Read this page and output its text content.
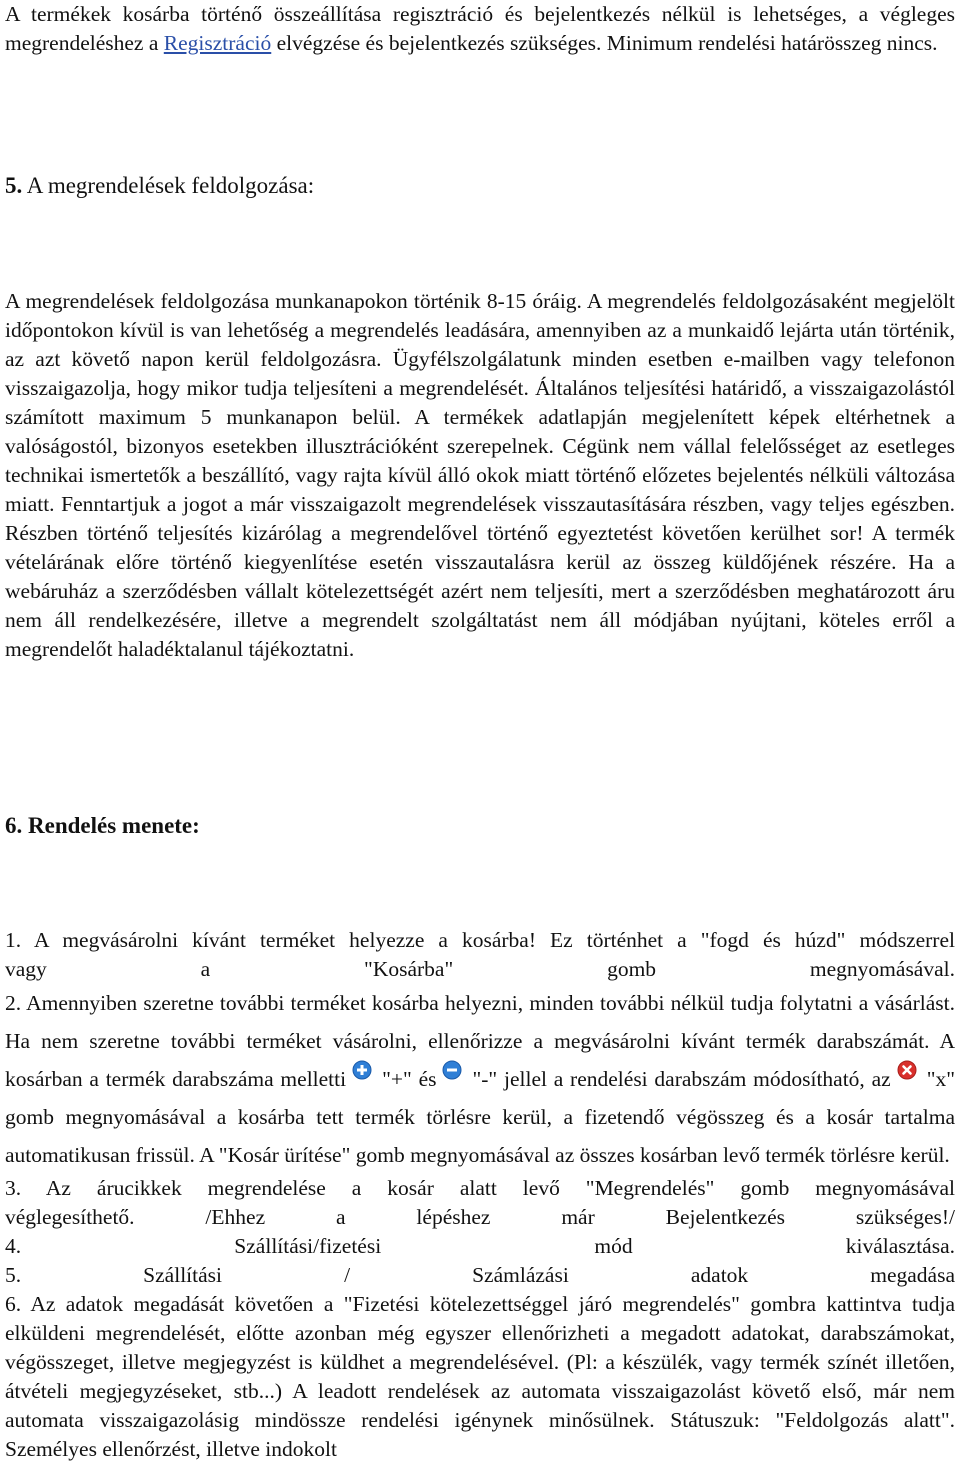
A termékek kosárba történő összeállítása regisztráció és bejelentkezés nélkül is lehetséges, a végleges megrendeléshez a Regisztráció elvégzése és bejelentkezés szükséges. Minimum rendelési határösszeg nincs.

5. A megrendelések feldolgozása:

A megrendelések feldolgozása munkanapokon történik 8-15 óráig. A megrendelés feldolgozásaként megjelölt időpontokon kívül is van lehetőség a megrendelés leadására, amennyiben az a munkaidő lejárta után történik, az azt követő napon kerül feldolgozásra. Ügyfélszolgálatunk minden esetben e-mailben vagy telefonon visszaigazolja, hogy mikor tudja teljesíteni a megrendelését. Általános teljesítési határidő, a visszaigazolástól számított maximum 5 munkanapon belül. A termékek adatlapján megjelenített képek eltérhetnek a valóságostól, bizonyos esetekben illusztrációként szerepelnek. Cégünk nem vállal felelősséget az esetleges technikai ismertetők a beszállító, vagy rajta kívül álló okok miatt történő előzetes bejelentés nélküli változása miatt. Fenntartjuk a jogot a már visszaigazolt megrendelések visszautasítására részben, vagy teljes egészben. Részben történő teljesítés kizárólag a megrendelővel történő egyeztetést követően kerülhet sor! A termék vételárának előre történő kiegyenlítése esetén visszautalásra kerül az összeg küldőjének részére. Ha a webáruház a szerződésben vállalt kötelezettségét azért nem teljesíti, mert a szerződésben meghatározott áru nem áll rendelkezésére, illetve a megrendelt szolgáltatást nem áll módjában nyújtani, köteles erről a megrendelőt haladéktalanul tájékoztatni.

6. Rendelés menete:
1. A megvásárolni kívánt terméket helyezze a kosárba! Ez történhet a "fogd és húzd" módszerrel
vagy a "Kosárba" gomb megnyomásával.

2. Amennyiben szeretne további terméket kosárba helyezni, minden további nélkül tudja folytatni a vásárlást. Ha nem szeretne további terméket vásárolni, ellenőrizze a megvásárolni kívánt termék darabszámát. A kosárban a termék darabszáma melletti "+" és "-" jellel a rendelési darabszám módosítható, az "x" gomb megnyomásával a kosárba tett termék törlésre kerül, a fizetendő végösszeg és a kosár tartalma automatikusan frissül. A "Kosár ürítése" gomb megnyomásával az összes kosárban levő termék törlésre kerül.

3. Az árucikkek megrendelése a kosár alatt levő "Megrendelés" gomb megnyomásával
véglegesíthető. /Ehhez a lépéshez már Bejelentkezés szükséges!/
4. Szállítási/fizetési mód kiválasztása.
5. Szállítási / Számlázási adatok megadása

6. Az adatok megadását követően a "Fizetési kötelezettséggel járó megrendelés" gombra kattintva tudja elküldeni megrendelését, előtte azonban még egyszer ellenőrizheti a megadott adatokat, darabszámokat, végösszeget, illetve megjegyzést is küldhet a megrendelésével. (Pl: a készülék, vagy termék színét illetően, átvételi megjegyzéseket, stb...) A leadott rendelések az automata visszaigazolást követő első, már nem automata visszaigazolásig mindössze rendelési igénynek minősülnek. Státuszuk: "Feldolgozás alatt". Személyes ellenőrzést, illetve indokolt
